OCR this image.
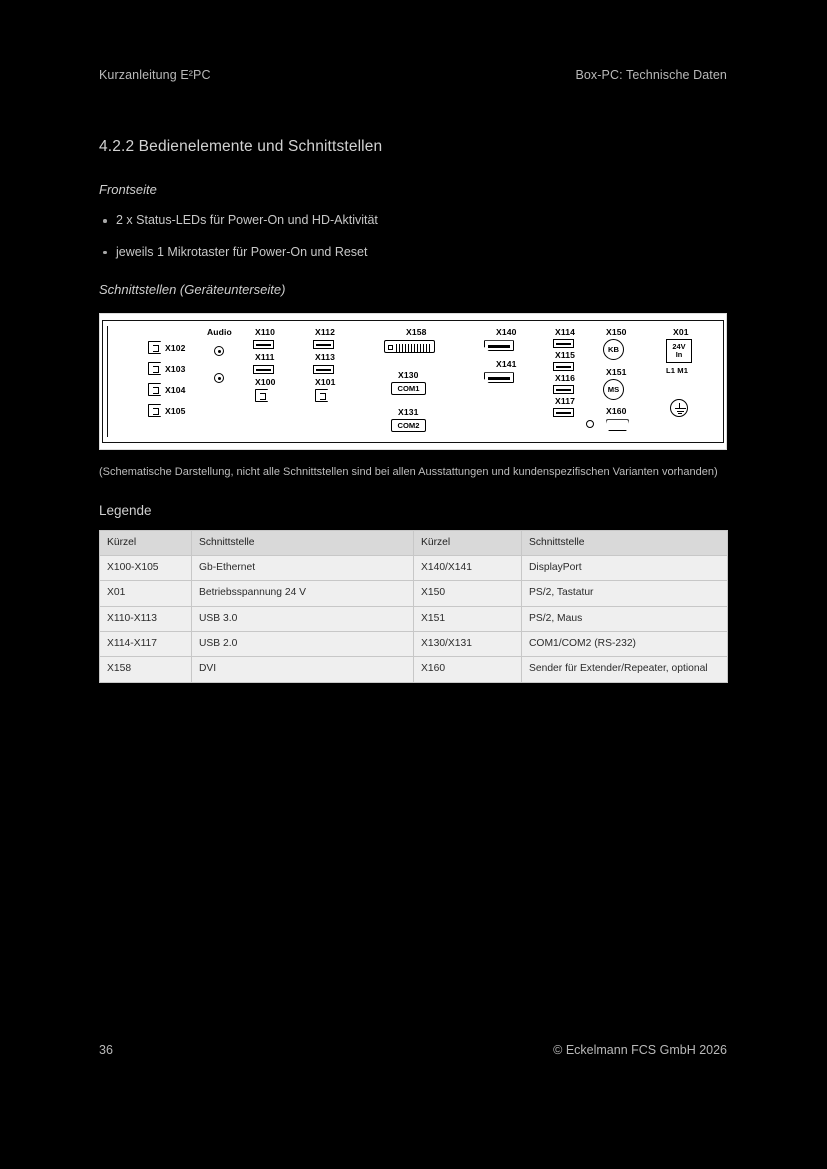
Kurzanleitung E²PC	Box-PC: Technische Daten
4.2.2 Bedienelemente und Schnittstellen
Frontseite
2 x Status-LEDs für Power-On und HD-Aktivität
jeweils 1 Mikrotaster für Power-On und Reset
Schnittstellen (Geräteunterseite)
X102
X103
X104
X105
Audio	X110
X111
X100
X112
X113
X101
X158
X130
COM1
X131
COM2
X140
X141
X114
X115
X116
X117
X150
KB
X151
MS
X160
X01
24V
In
L1 M1

(Schematische Darstellung, nicht alle Schnittstellen sind bei allen Ausstattungen und kundenspezifischen Varianten vorhanden)

Legende
Kürzel	Schnittstelle	Kürzel	Schnittstelle
X100-X105	Gb-Ethernet	X140/X141	DisplayPort
X01	Betriebsspannung 24 V	X150	PS/2, Tastatur
X110-X113	USB 3.0	X151	PS/2, Maus
X114-X117	USB 2.0	X130/X131	COM1/COM2 (RS-232)
X158	DVI	X160	Sender für Extender/Repeater, optional
36	© Eckelmann FCS GmbH 2026
